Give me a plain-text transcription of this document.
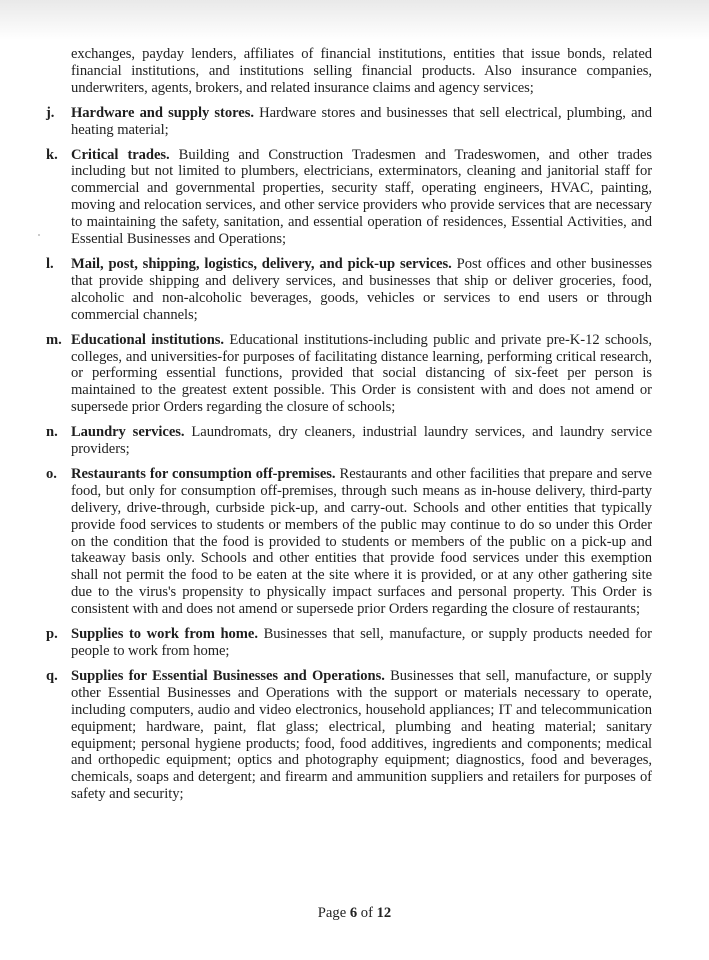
exchanges, payday lenders, affiliates of financial institutions, entities that issue bonds, related financial institutions, and institutions selling financial products. Also insurance companies, underwriters, agents, brokers, and related insurance claims and agency services;

j. Hardware and supply stores. Hardware stores and businesses that sell electrical, plumbing, and heating material;
k. Critical trades. Building and Construction Tradesmen and Tradeswomen, and other trades including but not limited to plumbers, electricians, exterminators, cleaning and janitorial staff for commercial and governmental properties, security staff, operating engineers, HVAC, painting, moving and relocation services, and other service providers who provide services that are necessary to maintaining the safety, sanitation, and essential operation of residences, Essential Activities, and Essential Businesses and Operations;
l. Mail, post, shipping, logistics, delivery, and pick-up services. Post offices and other businesses that provide shipping and delivery services, and businesses that ship or deliver groceries, food, alcoholic and non-alcoholic beverages, goods, vehicles or services to end users or through commercial channels;
m. Educational institutions. Educational institutions-including public and private pre-K-12 schools, colleges, and universities-for purposes of facilitating distance learning, performing critical research, or performing essential functions, provided that social distancing of six-feet per person is maintained to the greatest extent possible. This Order is consistent with and does not amend or supersede prior Orders regarding the closure of schools;
n. Laundry services. Laundromats, dry cleaners, industrial laundry services, and laundry service providers;
o. Restaurants for consumption off-premises. Restaurants and other facilities that prepare and serve food, but only for consumption off-premises, through such means as in-house delivery, third-party delivery, drive-through, curbside pick-up, and carry-out. Schools and other entities that typically provide food services to students or members of the public may continue to do so under this Order on the condition that the food is provided to students or members of the public on a pick-up and takeaway basis only. Schools and other entities that provide food services under this exemption shall not permit the food to be eaten at the site where it is provided, or at any other gathering site due to the virus's propensity to physically impact surfaces and personal property. This Order is consistent with and does not amend or supersede prior Orders regarding the closure of restaurants;
p. Supplies to work from home. Businesses that sell, manufacture, or supply products needed for people to work from home;
q. Supplies for Essential Businesses and Operations. Businesses that sell, manufacture, or supply other Essential Businesses and Operations with the support or materials necessary to operate, including computers, audio and video electronics, household appliances; IT and telecommunication equipment; hardware, paint, flat glass; electrical, plumbing and heating material; sanitary equipment; personal hygiene products; food, food additives, ingredients and components; medical and orthopedic equipment; optics and photography equipment; diagnostics, food and beverages, chemicals, soaps and detergent; and firearm and ammunition suppliers and retailers for purposes of safety and security;
Page 6 of 12
